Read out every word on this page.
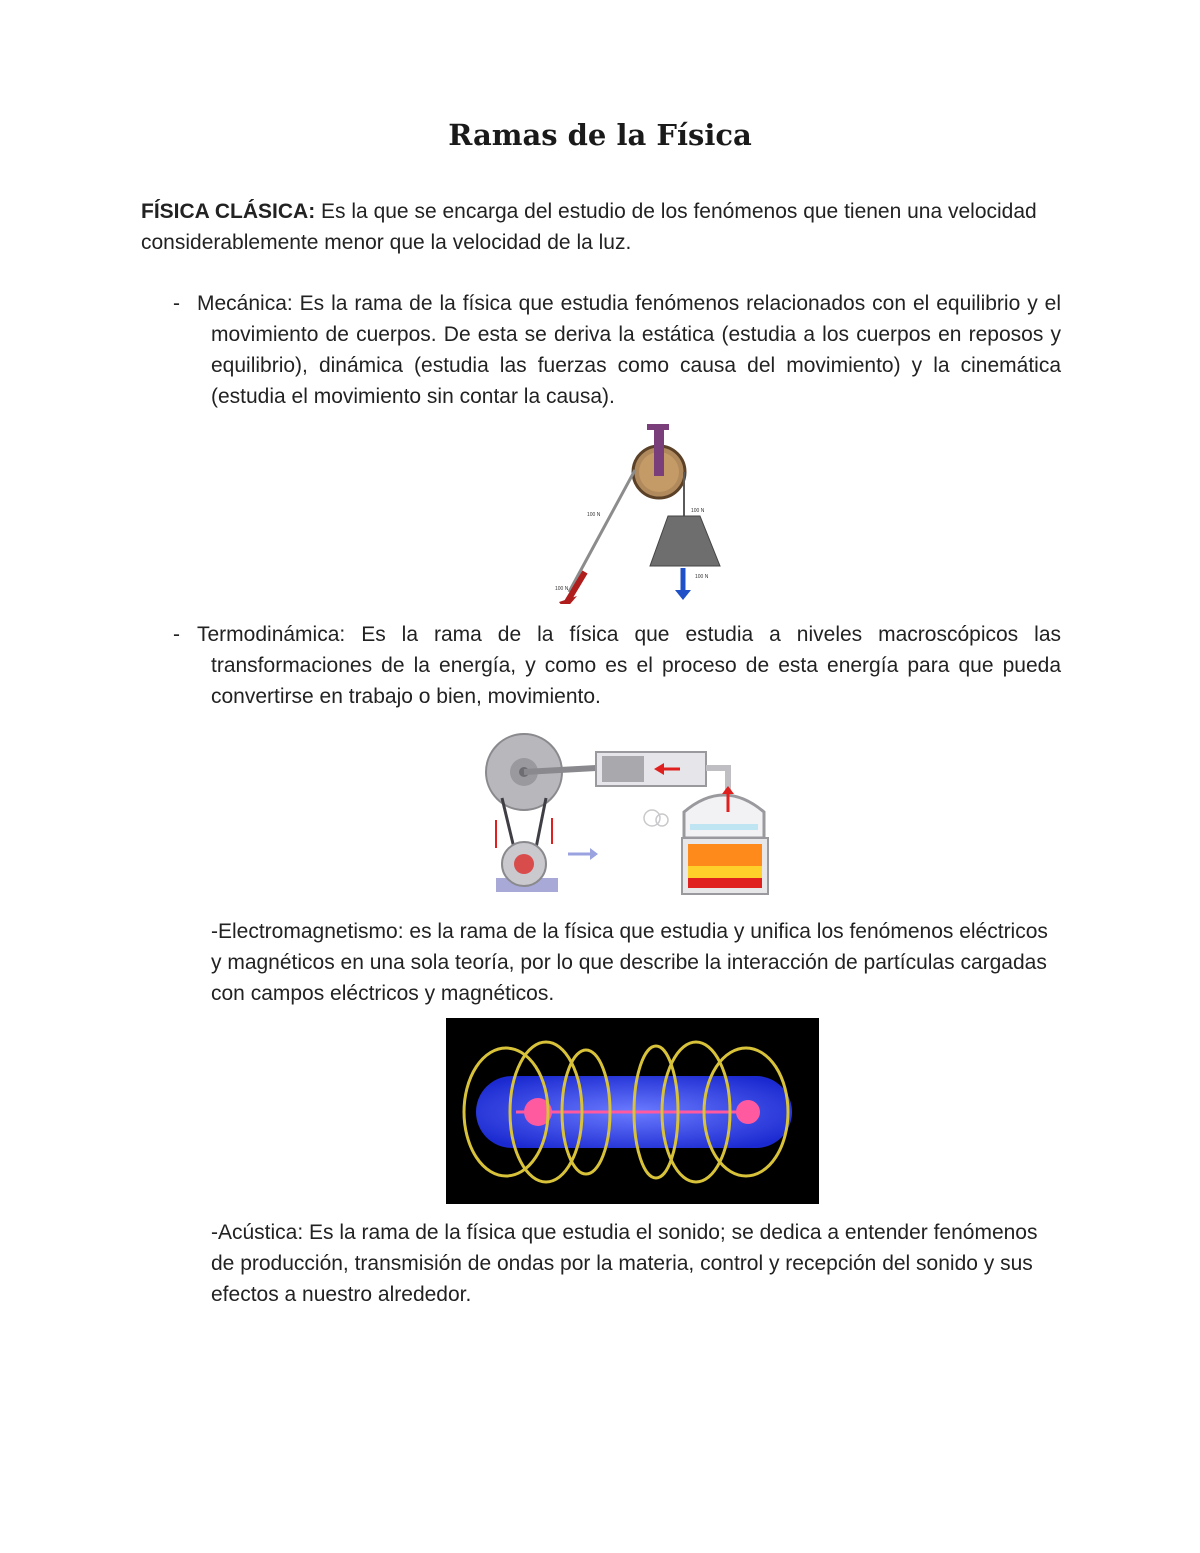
Ramas de la Física
FÍSICA CLÁSICA: Es la que se encarga del estudio de los fenómenos que tienen una velocidad considerablemente menor que la velocidad de la luz.
- Mecánica: Es la rama de la física que estudia fenómenos relacionados con el equilibrio y el movimiento de cuerpos. De esta se deriva la estática (estudia a los cuerpos en reposos y equilibrio), dinámica (estudia las fuerzas como causa del movimiento) y la cinemática (estudia el movimiento sin contar la causa).
100 N
100 N
100 N
100 N
- Termodinámica: Es la rama de la física que estudia a niveles macroscópicos las transformaciones de la energía, y como es el proceso de esta energía para que pueda convertirse en trabajo o bien, movimiento.
-Electromagnetismo: es la rama de la física que estudia y unifica los fenómenos eléctricos y magnéticos en una sola teoría, por lo que describe la interacción de partículas cargadas con campos eléctricos y magnéticos.
-Acústica: Es la rama de la física que estudia el sonido; se dedica a entender fenómenos de producción, transmisión de ondas por la materia, control y recepción del sonido y sus efectos a nuestro alrededor.
